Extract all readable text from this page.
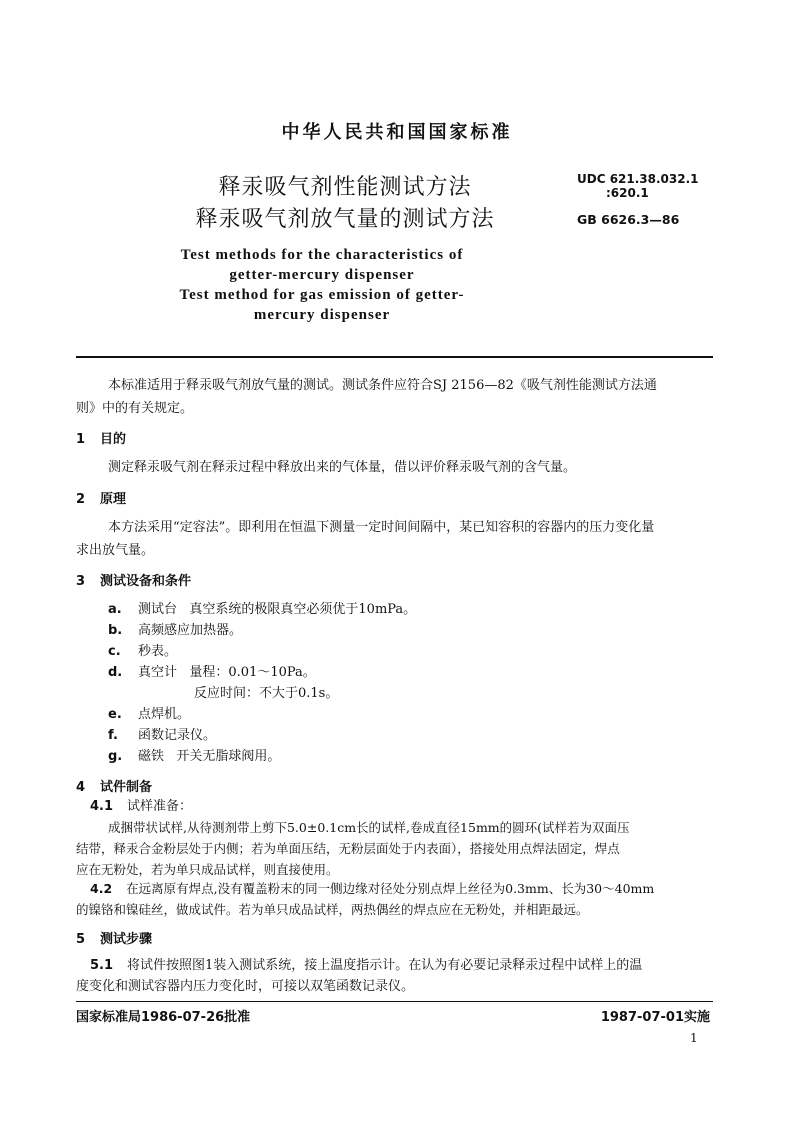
中华人民共和国国家标准
释汞吸气剂性能测试方法
释汞吸气剂放气量的测试方法
UDC 621.38.032.1
:620.1
GB 6626.3—86
Test methods for the characteristics of
getter-mercury dispenser
Test method for gas emission of getter-
mercury dispenser
本标准适用于释汞吸气剂放气量的测试。测试条件应符合SJ 2156—82《吸气剂性能测试方法通
则》中的有关规定。
1 目的
测定释汞吸气剂在释汞过程中释放出来的气体量，借以评价释汞吸气剂的含气量。
2 原理
本方法采用“定容法”。即利用在恒温下测量一定时间间隔中，某已知容积的容器内的压力变化量
求出放气量。
3 测试设备和条件
a. 测试台   真空系统的极限真空必须优于10mPa。
b. 高频感应加热器。
c. 秒表。
d. 真空计   量程：0.01～10Pa。
反应时间：不大于0.1s。
e. 点焊机。
f. 函数记录仪。
g. 磁铁   开关无脂球阀用。
4 试件制备
4.1 试样准备：
成捆带状试样,从待测剂带上剪下5.0±0.1cm长的试样,卷成直径15mm的圆环(试样若为双面压
结带，释汞合金粉层处于内侧；若为单面压结，无粉层面处于内表面），搭接处用点焊法固定，焊点
应在无粉处，若为单只成品试样，则直接使用。
4.2 在远离原有焊点,没有覆盖粉末的同一侧边缘对径处分别点焊上丝径为0.3mm、长为30～40mm
的镍铬和镍硅丝，做成试件。若为单只成品试样，两热偶丝的焊点应在无粉处，并相距最远。
5 测试步骤
5.1 将试件按照图1装入测试系统，接上温度指示计。在认为有必要记录释汞过程中试样上的温
度变化和测试容器内压力变化时，可接以双笔函数记录仪。
国家标准局1986-07-26批准	1987-07-01实施
1
